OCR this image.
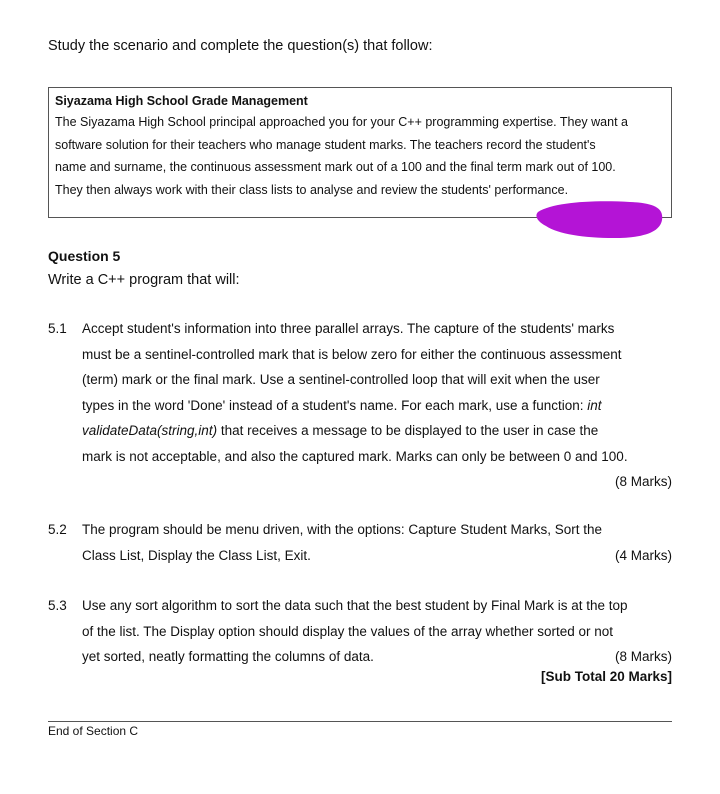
Study the scenario and complete the question(s) that follow:
Siyazama High School Grade Management
The Siyazama High School principal approached you for your C++ programming expertise. They want a
software solution for their teachers who manage student marks. The teachers record the student's
name and surname, the continuous assessment mark out of a 100 and the final term mark out of 100.
They then always work with their class lists to analyse and review the students' performance.
Question 5
Write a C++ program that will:
5.1 Accept student's information into three parallel arrays. The capture of the students' marks
must be a sentinel-controlled mark that is below zero for either the continuous assessment
(term) mark or the final mark. Use a sentinel-controlled loop that will exit when the user
types in the word 'Done' instead of a student's name. For each mark, use a function: int
validateData(string,int) that receives a message to be displayed to the user in case the
mark is not acceptable, and also the captured mark. Marks can only be between 0 and 100.
(8 Marks)

5.2 The program should be menu driven, with the options: Capture Student Marks, Sort the
(4 Marks)
Class List, Display the Class List, Exit.
5.3 Use any sort algorithm to sort the data such that the best student by Final Mark is at the top
of the list. The Display option should display the values of the array whether sorted or not
(8 Marks)
yet sorted, neatly formatting the columns of data.
[Sub Total 20 Marks]
End of Section C
